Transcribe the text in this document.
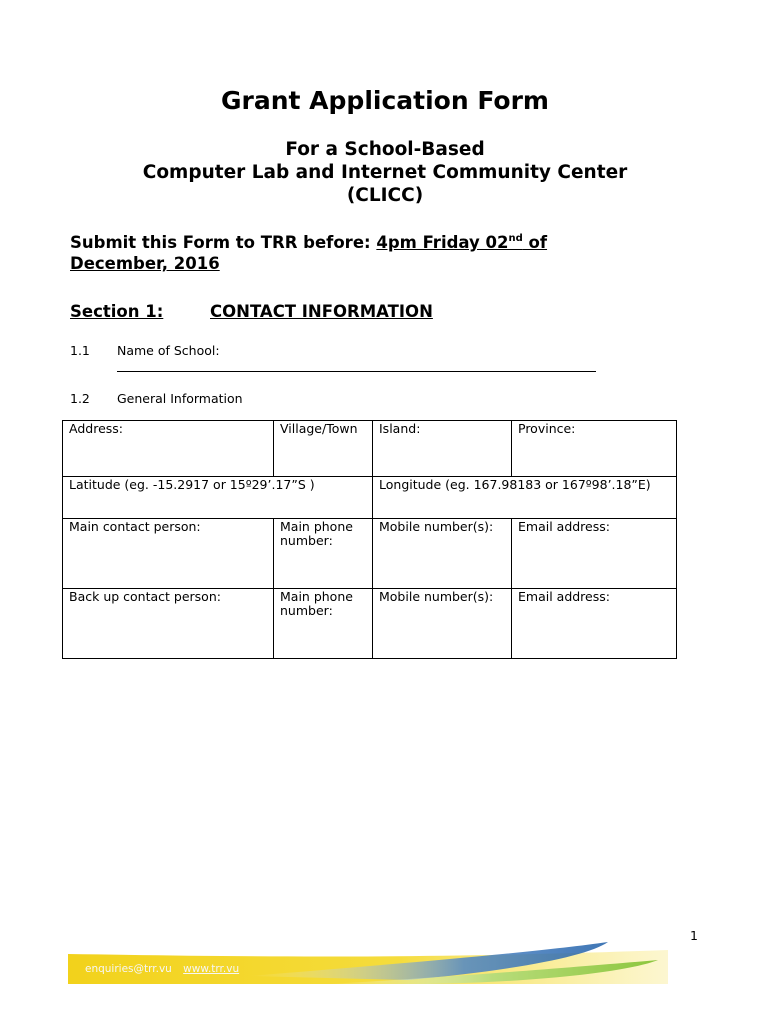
Grant Application Form
For a School-Based
Computer Lab and Internet Community Center
(CLICC)
Submit this Form to TRR before: 4pm Friday 02nd of
December, 2016
Section 1:	CONTACT INFORMATION
1.1 Name of School:
1.2 General Information
Address:	Village/Town	Island:	Province:
Latitude (eg. -15.2917 or 15º29’.17”S )		Longitude (eg. 167.98183 or 167º98’.18”E)	
Main contact person:	Main phone number:	Mobile number(s):	Email address:
Back up contact person:	Main phone number:	Mobile number(s):	Email address:
1
enquiries@trr.vu www.trr.vu
